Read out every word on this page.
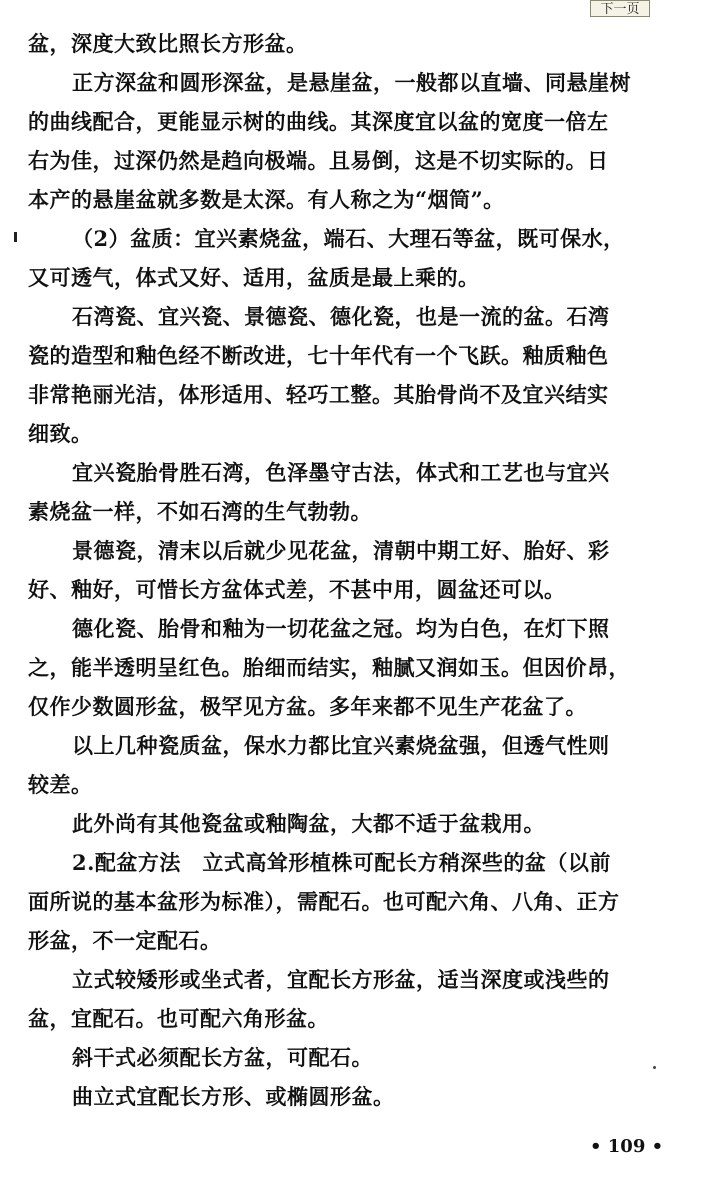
下一页
盆，深度大致比照长方形盆。
正方深盆和圆形深盆，是悬崖盆，一般都以直墙、同悬崖树
的曲线配合，更能显示树的曲线。其深度宜以盆的宽度一倍左
右为佳，过深仍然是趋向极端。且易倒，这是不切实际的。日
本产的悬崖盆就多数是太深。有人称之为“烟筒”。
（2）盆质：宜兴素烧盆，端石、大理石等盆，既可保水，
又可透气，体式又好、适用，盆质是最上乘的。
石湾瓷、宜兴瓷、景德瓷、德化瓷，也是一流的盆。石湾
瓷的造型和釉色经不断改进，七十年代有一个飞跃。釉质釉色
非常艳丽光洁，体形适用、轻巧工整。其胎骨尚不及宜兴结实
细致。
宜兴瓷胎骨胜石湾，色泽墨守古法，体式和工艺也与宜兴
素烧盆一样，不如石湾的生气勃勃。
景德瓷，清末以后就少见花盆，清朝中期工好、胎好、彩
好、釉好，可惜长方盆体式差，不甚中用，圆盆还可以。
德化瓷、胎骨和釉为一切花盆之冠。均为白色，在灯下照
之，能半透明呈红色。胎细而结实，釉腻又润如玉。但因价昂，
仅作少数圆形盆，极罕见方盆。多年来都不见生产花盆了。
以上几种瓷质盆，保水力都比宜兴素烧盆强，但透气性则
较差。
此外尚有其他瓷盆或釉陶盆，大都不适于盆栽用。
2.配盆方法　立式高耸形植株可配长方稍深些的盆（以前
面所说的基本盆形为标准），需配石。也可配六角、八角、正方
形盆，不一定配石。
立式较矮形或坐式者，宜配长方形盆，适当深度或浅些的
盆，宜配石。也可配六角形盆。
斜干式必须配长方盆，可配石。
曲立式宜配长方形、或椭圆形盆。
• 109 •
